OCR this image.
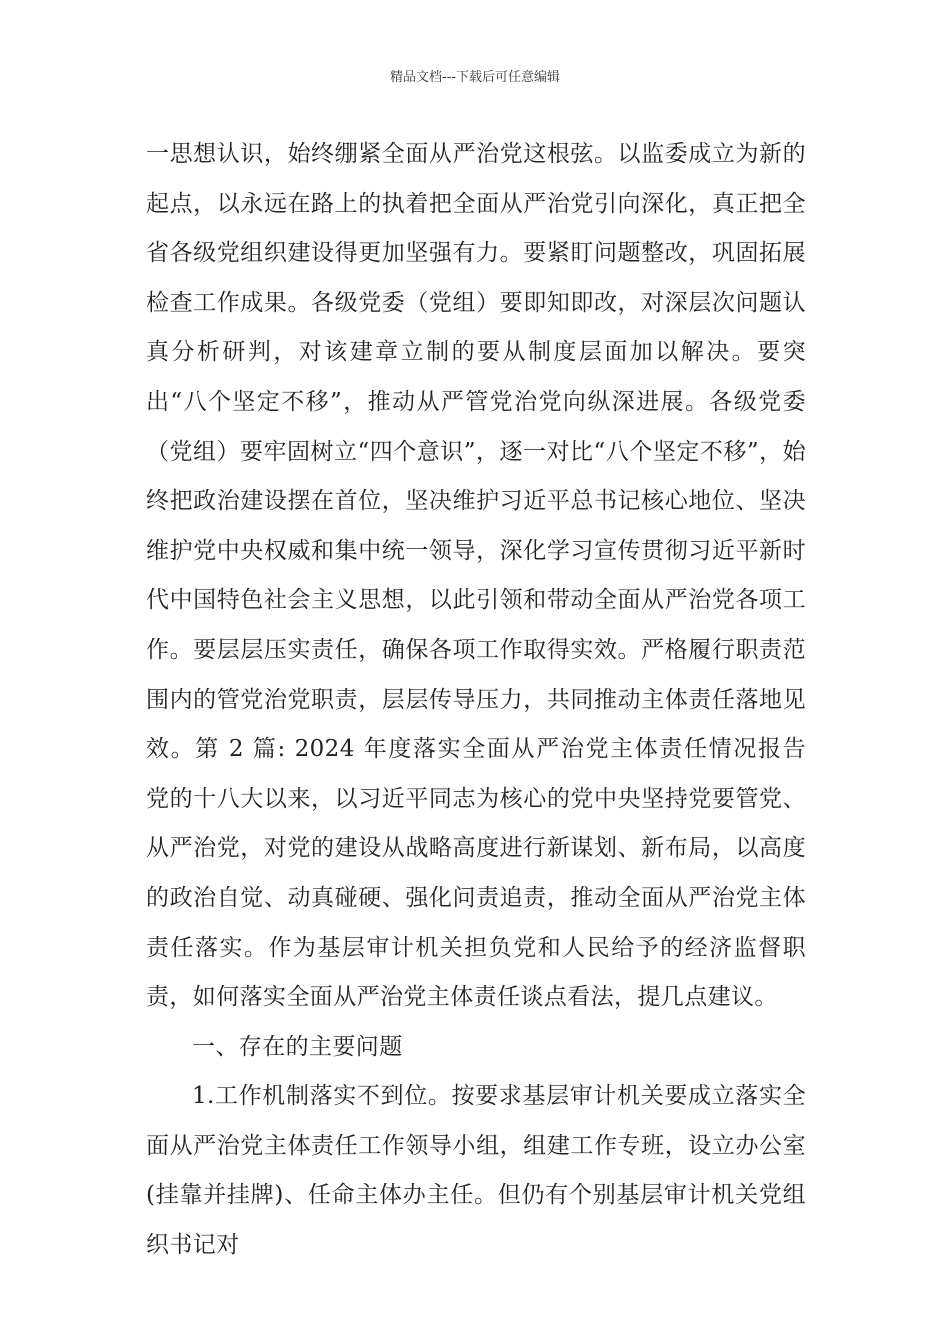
精品文档---下载后可任意编辑

一思想认识，始终绷紧全面从严治党这根弦。以监委成立为新的起点，以永远在路上的执着把全面从严治党引向深化，真正把全省各级党组织建设得更加坚强有力。要紧盯问题整改，巩固拓展检查工作成果。各级党委（党组）要即知即改，对深层次问题认真分析研判，对该建章立制的要从制度层面加以解决。要突出“八个坚定不移”，推动从严管党治党向纵深进展。各级党委（党组）要牢固树立“四个意识”，逐一对比“八个坚定不移”，始终把政治建设摆在首位，坚决维护习近平总书记核心地位、坚决维护党中央权威和集中统一领导，深化学习宣传贯彻习近平新时代中国特色社会主义思想，以此引领和带动全面从严治党各项工作。要层层压实责任，确保各项工作取得实效。严格履行职责范围内的管党治党职责，层层传导压力，共同推动主体责任落地见效。第 2 篇: 2024 年度落实全面从严治党主体责任情况报告　　党的十八大以来，以习近平同志为核心的党中央坚持党要管党、从严治党，对党的建设从战略高度进行新谋划、新布局，以高度的政治自觉、动真碰硬、强化问责追责，推动全面从严治党主体责任落实。作为基层审计机关担负党和人民给予的经济监督职责，如何落实全面从严治党主体责任谈点看法，提几点建议。

一、存在的主要问题

1.工作机制落实不到位。按要求基层审计机关要成立落实全面从严治党主体责任工作领导小组，组建工作专班，设立办公室(挂靠并挂牌)、任命主体办主任。但仍有个别基层审计机关党组织书记对
